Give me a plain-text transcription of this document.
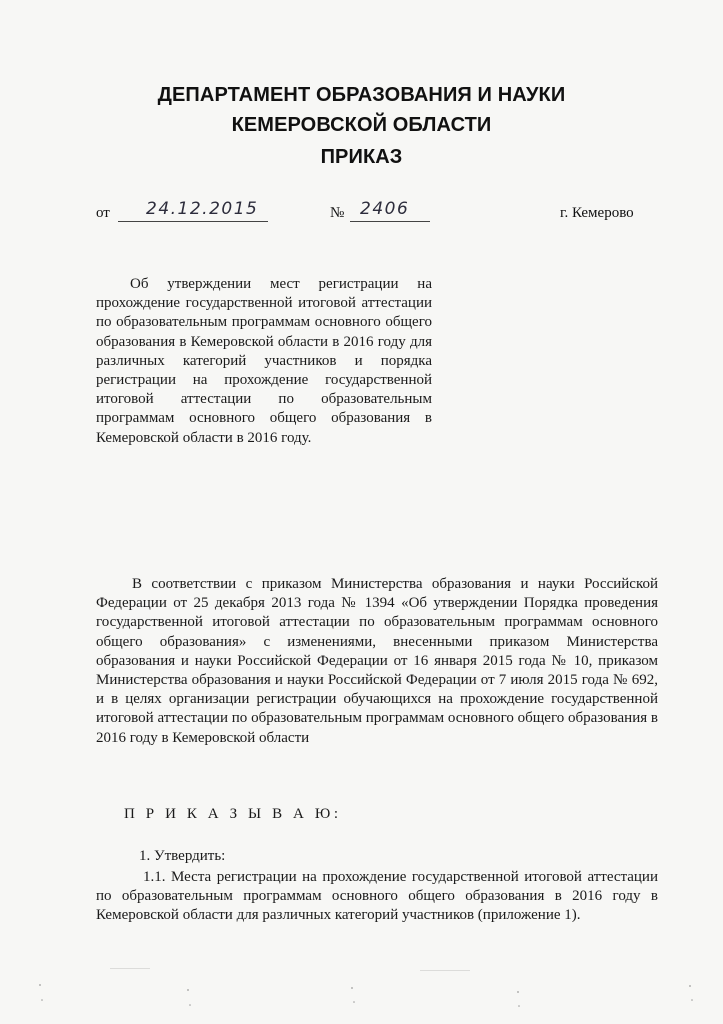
ДЕПАРТАМЕНТ ОБРАЗОВАНИЯ И НАУКИ
КЕМЕРОВСКОЙ ОБЛАСТИ
ПРИКАЗ
от 24.12.2015	№ 2406	г. Кемерово
Об утверждении мест регистрации на прохождение государственной итоговой аттестации по образовательным программам основного общего образования в Кемеровской области в 2016 году для различных категорий участников и порядка регистрации на прохождение государственной итоговой аттестации по образовательным программам основного общего образования в Кемеровской области в 2016 году.
В соответствии с приказом Министерства образования и науки Российской Федерации от 25 декабря 2013 года № 1394 «Об утверждении Порядка проведения государственной итоговой аттестации по образовательным программам основного общего образования» с изменениями, внесенными приказом Министерства образования и науки Российской Федерации от 16 января 2015 года № 10, приказом Министерства образования и науки Российской Федерации от 7 июля 2015 года № 692, и в целях организации регистрации обучающихся на прохождение государственной итоговой аттестации по образовательным программам основного общего образования в 2016 году в Кемеровской области
П Р И К А З Ы В А Ю:
1. Утвердить:
1.1. Места регистрации на прохождение государственной итоговой аттестации по образовательным программам основного общего образования в 2016 году в Кемеровской области для различных категорий участников (приложение 1).
